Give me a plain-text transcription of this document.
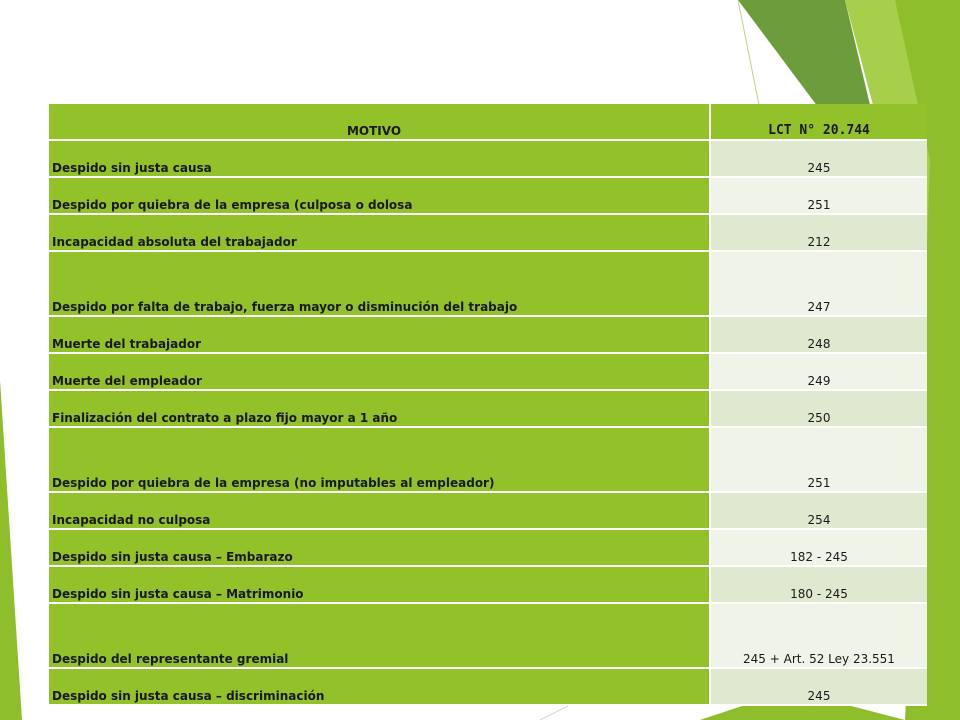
MOTIVO	LCT N° 20.744
Despido sin justa causa	245
Despido por quiebra de la empresa (culposa o dolosa	251
Incapacidad absoluta del trabajador	212
Despido por falta de trabajo, fuerza mayor o disminución del trabajo	247
Muerte del trabajador	248
Muerte del empleador	249
Finalización del contrato a plazo fijo mayor a 1 año	250
Despido por quiebra de la empresa (no imputables al empleador)	251
Incapacidad no culposa	254
Despido sin justa causa – Embarazo	182 - 245
Despido sin justa causa – Matrimonio	180 - 245
Despido del representante gremial	245 + Art. 52 Ley 23.551
Despido sin justa causa – discriminación	245
